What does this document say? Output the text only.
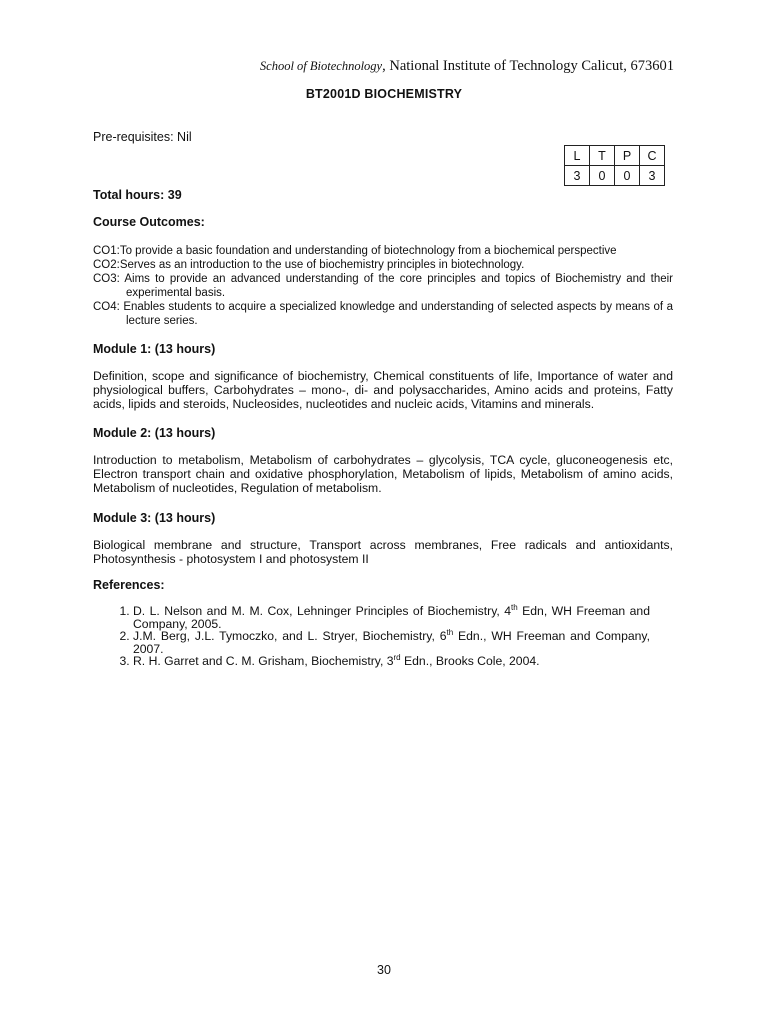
School of Biotechnology, National Institute of Technology Calicut, 673601
BT2001D BIOCHEMISTRY
Pre-requisites: Nil
L	T	P	C
3	0	0	3
Total hours: 39
Course Outcomes:
CO1: To provide a basic foundation and understanding of biotechnology from a biochemical perspective
CO2: Serves as an introduction to the use of biochemistry principles in biotechnology.
CO3: Aims to provide an advanced understanding of the core principles and topics of Biochemistry and their experimental basis.
CO4: Enables students to acquire a specialized knowledge and understanding of selected aspects by means of a lecture series.
Module 1: (13 hours)
Definition, scope and significance of biochemistry, Chemical constituents of life, Importance of water and physiological buffers, Carbohydrates – mono-, di- and polysaccharides, Amino acids and proteins, Fatty acids, lipids and steroids, Nucleosides, nucleotides and nucleic acids, Vitamins and minerals.
Module 2: (13 hours)
Introduction to metabolism, Metabolism of carbohydrates – glycolysis, TCA cycle, gluconeogenesis etc, Electron transport chain and oxidative phosphorylation, Metabolism of lipids, Metabolism of amino acids, Metabolism of nucleotides, Regulation of metabolism.
Module 3: (13 hours)
Biological membrane and structure, Transport across membranes, Free radicals and antioxidants, Photosynthesis - photosystem I and photosystem II
References:
1. D. L. Nelson and M. M. Cox, Lehninger Principles of Biochemistry, 4th Edn, WH Freeman and Company, 2005.
2. J.M. Berg, J.L. Tymoczko, and L. Stryer, Biochemistry, 6th Edn., WH Freeman and Company, 2007.
3. R. H. Garret and C. M. Grisham, Biochemistry, 3rd Edn., Brooks Cole, 2004.
30
